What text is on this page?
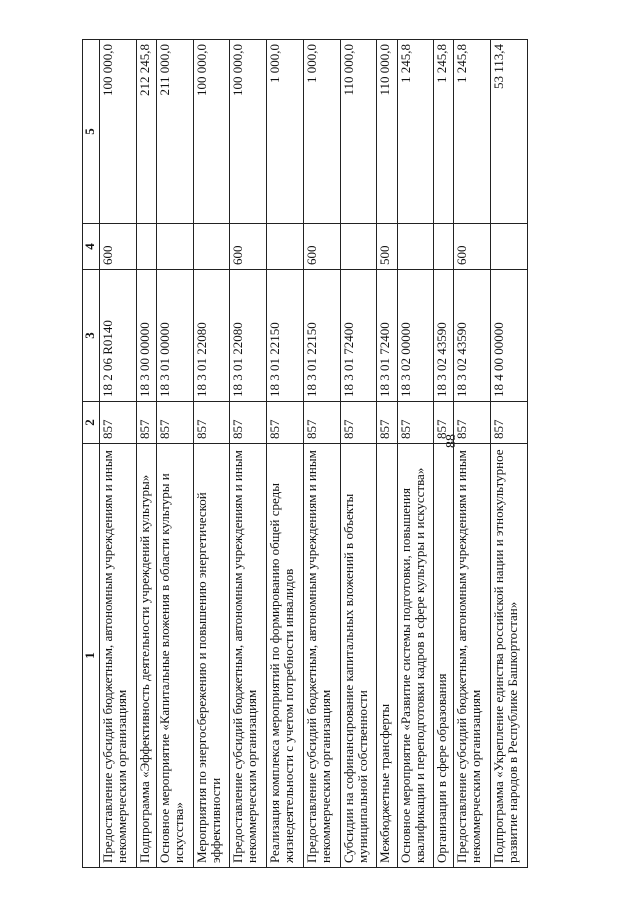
88
1	2	3	4	5
Предоставление субсидий бюджетным, автономным учреждениям и иным некоммерческим организациям	857	18 2 06 R0140	600	100 000,0
Подпрограмма «Эффективность деятельности учреждений культуры»	857	18 3 00 00000		212 245,8
Основное мероприятие «Капитальные вложения в области культуры и искусства»	857	18 3 01 00000		211 000,0
Мероприятия по энергосбережению и повышению энергетической эффективности	857	18 3 01 22080		100 000,0
Предоставление субсидий бюджетным, автономным учреждениям и иным некоммерческим организациям	857	18 3 01 22080	600	100 000,0
Реализация комплекса мероприятий по формированию общей среды жизнедеятельности с учетом потребности инвалидов	857	18 3 01 22150		1 000,0
Предоставление субсидий бюджетным, автономным учреждениям и иным некоммерческим организациям	857	18 3 01 22150	600	1 000,0
Субсидии на софинансирование капитальных вложений в объекты муниципальной собственности	857	18 3 01 72400		110 000,0
Межбюджетные трансферты	857	18 3 01 72400	500	110 000,0
Основное мероприятие «Развитие системы подготовки, повышения квалификации и переподготовки кадров в сфере культуры и искусства»	857	18 3 02 00000		1 245,8
Организации в сфере образования	857	18 3 02 43590		1 245,8
Предоставление субсидий бюджетным, автономным учреждениям и иным некоммерческим организациям	857	18 3 02 43590	600	1 245,8
Подпрограмма «Укрепление единства российской нации и этнокультурное развитие народов в Республике Башкортостан»	857	18 4 00 00000		53 113,4
